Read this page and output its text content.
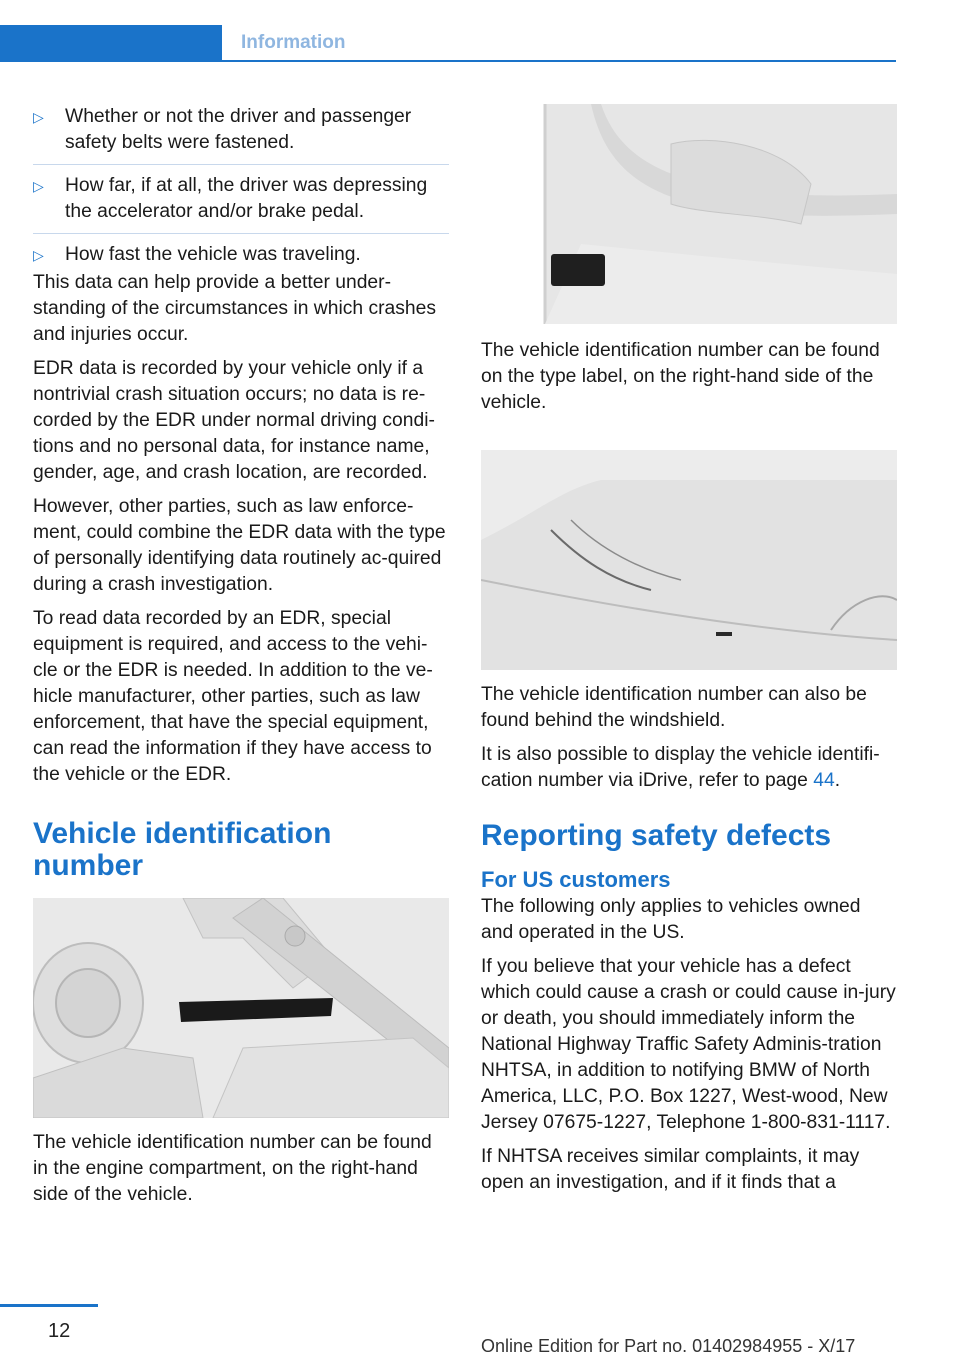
Information
▷	Whether or not the driver and passenger safety belts were fastened.
▷	How far, if at all, the driver was depressing the accelerator and/or brake pedal.
▷	How fast the vehicle was traveling.

This data can help provide a better under-standing of the circumstances in which crashes and injuries occur.

EDR data is recorded by your vehicle only if a nontrivial crash situation occurs; no data is re-corded by the EDR under normal driving condi-tions and no personal data, for instance name, gender, age, and crash location, are recorded.

However, other parties, such as law enforce-ment, could combine the EDR data with the type of personally identifying data routinely ac-quired during a crash investigation.

To read data recorded by an EDR, special equipment is required, and access to the vehi-cle or the EDR is needed. In addition to the ve-hicle manufacturer, other parties, such as law enforcement, that have the special equipment, can read the information if they have access to the vehicle or the EDR.

Vehicle identification number

The vehicle identification number can be found in the engine compartment, on the right-hand side of the vehicle.

The vehicle identification number can be found on the type label, on the right-hand side of the vehicle.

The vehicle identification number can also be found behind the windshield.

It is also possible to display the vehicle identifi-cation number via iDrive, refer to page 44.

Reporting safety defects
For US customers

The following only applies to vehicles owned and operated in the US.

If you believe that your vehicle has a defect which could cause a crash or could cause in-jury or death, you should immediately inform the National Highway Traffic Safety Adminis-tration NHTSA, in addition to notifying BMW of North America, LLC, P.O. Box 1227, West-wood, New Jersey 07675-1227, Telephone 1-800-831-1117.

If NHTSA receives similar complaints, it may open an investigation, and if it finds that a

12
Online Edition for Part no. 01402984955 - X/17
